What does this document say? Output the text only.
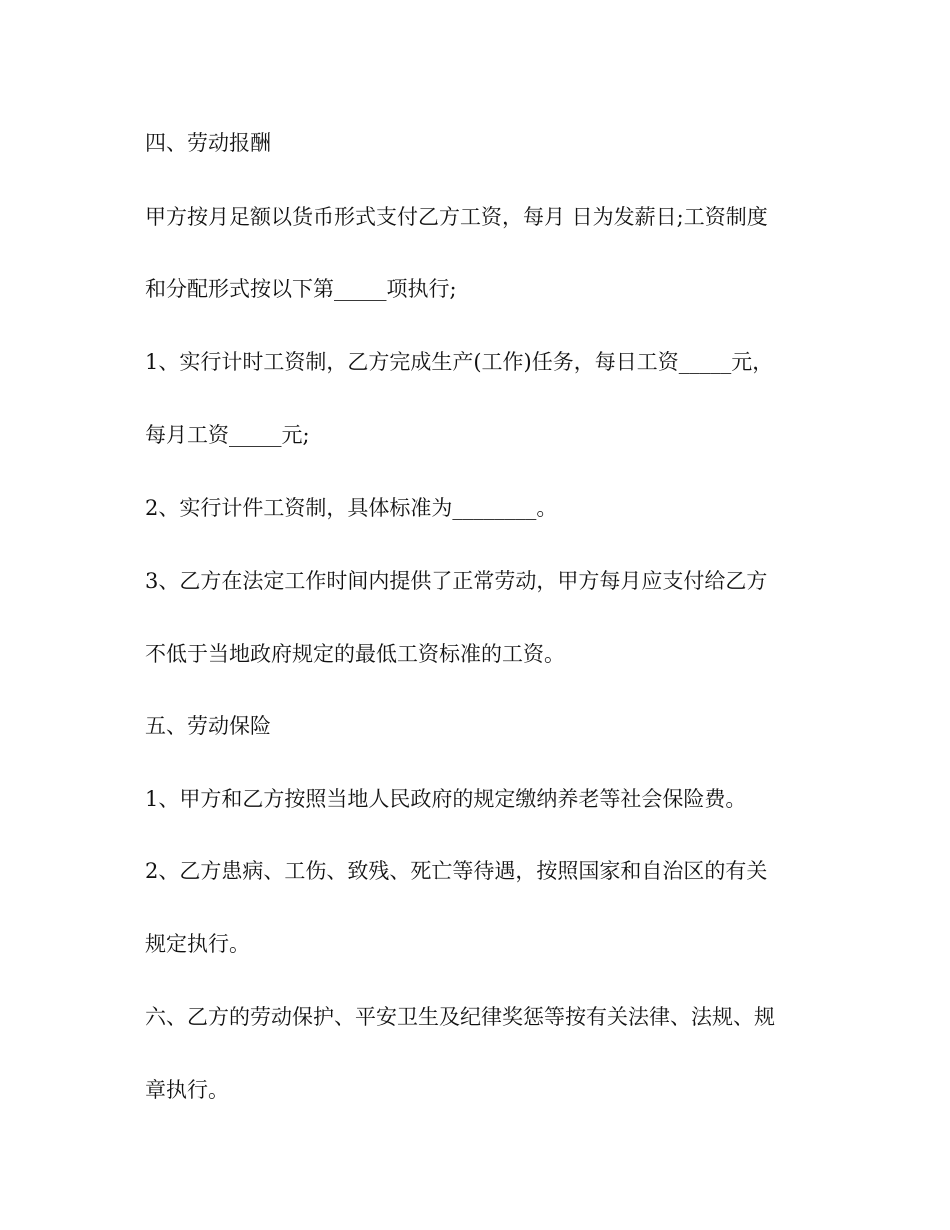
四、劳动报酬

甲方按月足额以货币形式支付乙方工资，每月 日为发薪日;工资制度

和分配形式按以下第_____项执行;

1、实行计时工资制，乙方完成生产(工作)任务，每日工资_____元，

每月工资_____元;

2、实行计件工资制，具体标准为________。

3、乙方在法定工作时间内提供了正常劳动，甲方每月应支付给乙方

不低于当地政府规定的最低工资标准的工资。

五、劳动保险

1、甲方和乙方按照当地人民政府的规定缴纳养老等社会保险费。

2、乙方患病、工伤、致残、死亡等待遇，按照国家和自治区的有关

规定执行。

六、乙方的劳动保护、平安卫生及纪律奖惩等按有关法律、法规、规

章执行。
